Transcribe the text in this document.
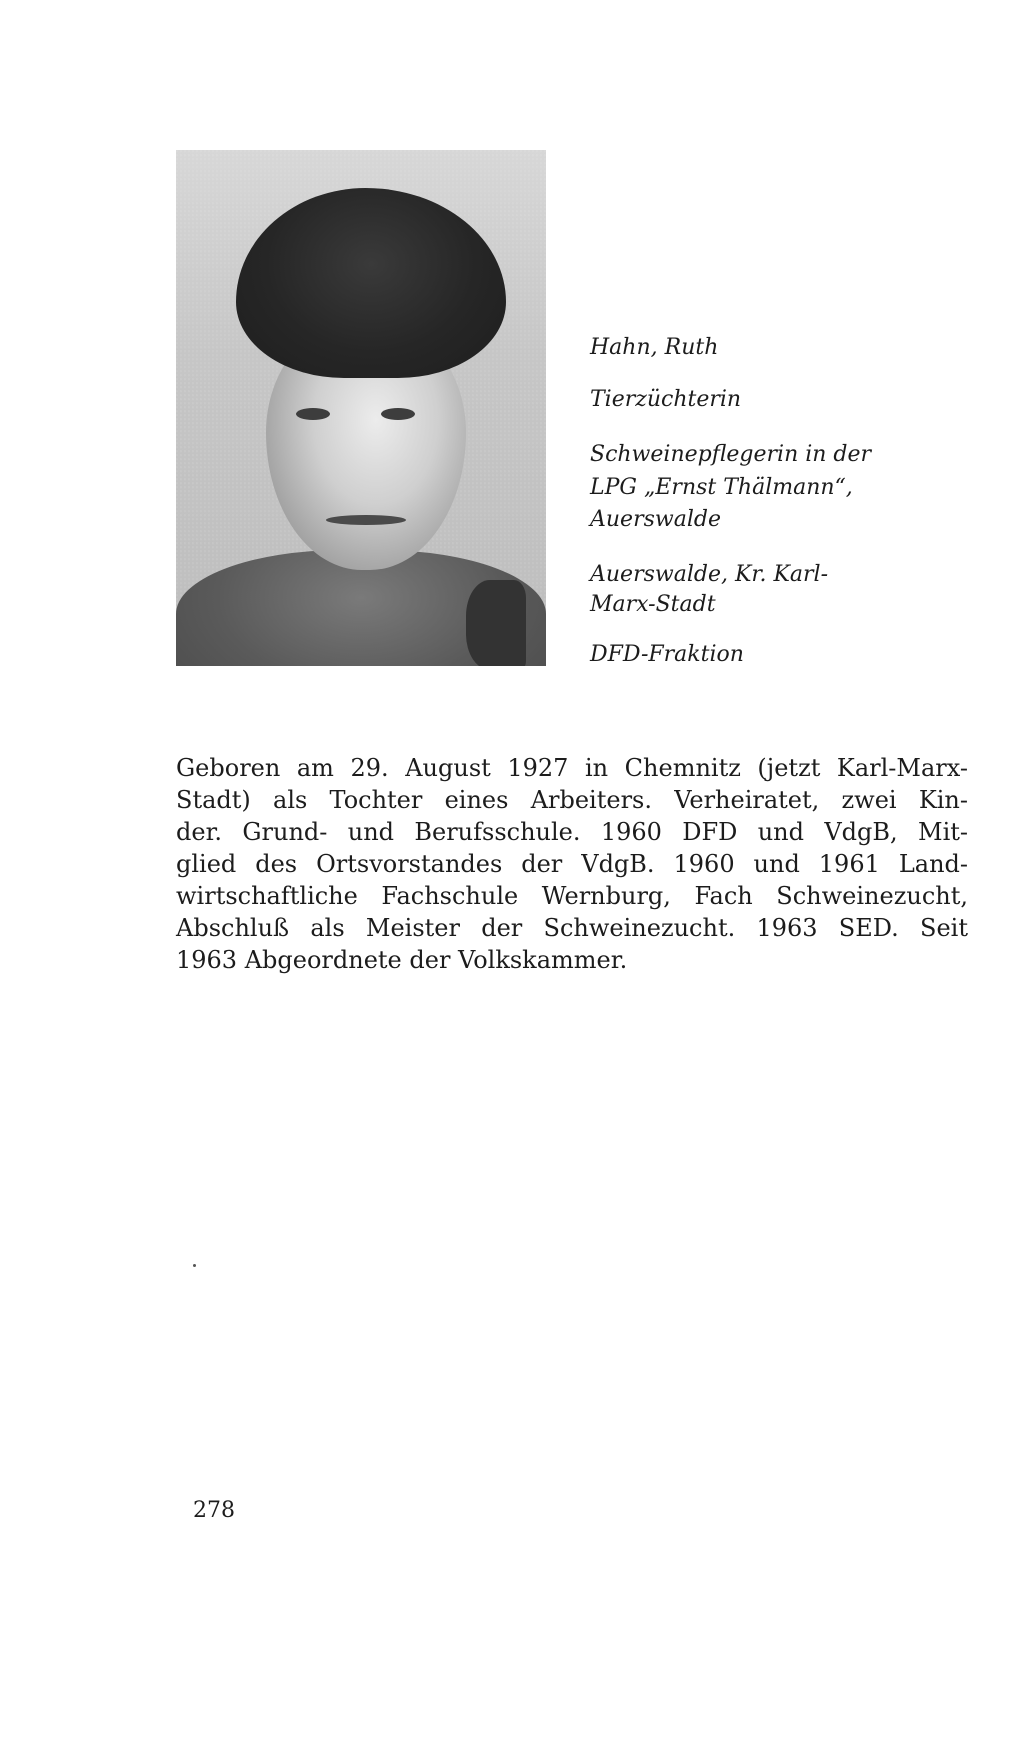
Hahn, Ruth
Tierzüchterin
Schweinepflegerin in der
LPG „Ernst Thälmann“,
Auerswalde
Auerswalde, Kr. Karl-
Marx-Stadt
DFD-Fraktion
Geboren am 29. August 1927 in Chemnitz (jetzt Karl-Marx-
Stadt) als Tochter eines Arbeiters. Verheiratet, zwei Kin-
der. Grund- und Berufsschule. 1960 DFD und VdgB, Mit-
glied des Ortsvorstandes der VdgB. 1960 und 1961 Land-
wirtschaftliche Fachschule Wernburg, Fach Schweinezucht,
Abschluß als Meister der Schweinezucht. 1963 SED. Seit
1963 Abgeordnete der Volkskammer.
278
